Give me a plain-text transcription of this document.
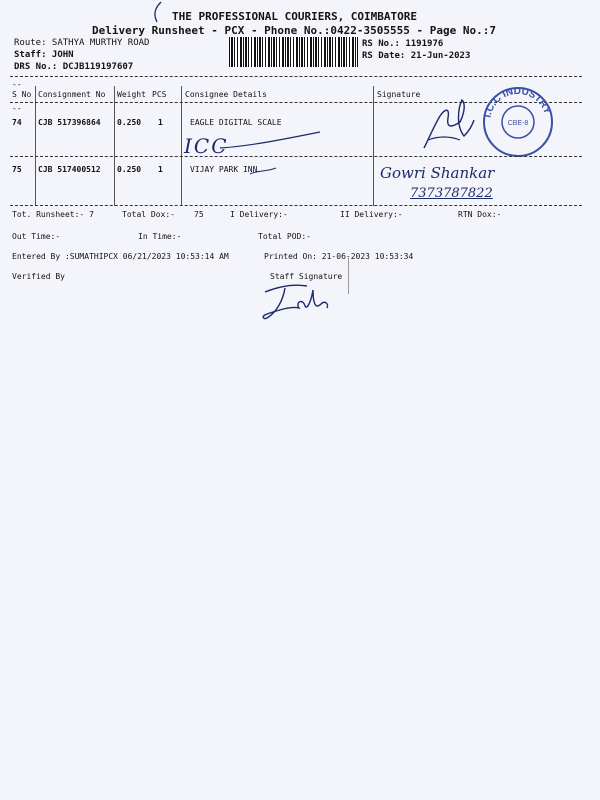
THE PROFESSIONAL COURIERS, COIMBATORE
Delivery Runsheet - PCX - Phone No.:0422-3505555 - Page No.:7
Route: SATHYA MURTHY ROAD
Staff: JOHN
DRS No.: DCJB119197607
RS No.: 1191976
RS Date: 21-Jun-2023
--
S No Consignment No Weight PCS Consignee Details	Signature
--
74 CJB 517396864 0.250 1	EAGLE DIGITAL SCALE
ICC
I.C.C INDUSTRY
CBE-8
75 CJB 517400512 0.250 1	VIJAY PARK INN	Gowri Shankar
7373787822
Tot. Runsheet:- 7	Total Dox:- 75	I Delivery:-	II Delivery:-	RTN Dox:-
Out Time:-	In Time:-	Total POD:-
Entered By :SUMATHIPCX 06/21/2023 10:53:14 AM	Printed On: 21-06-2023 10:53:34
Verified By	Staff Signature
